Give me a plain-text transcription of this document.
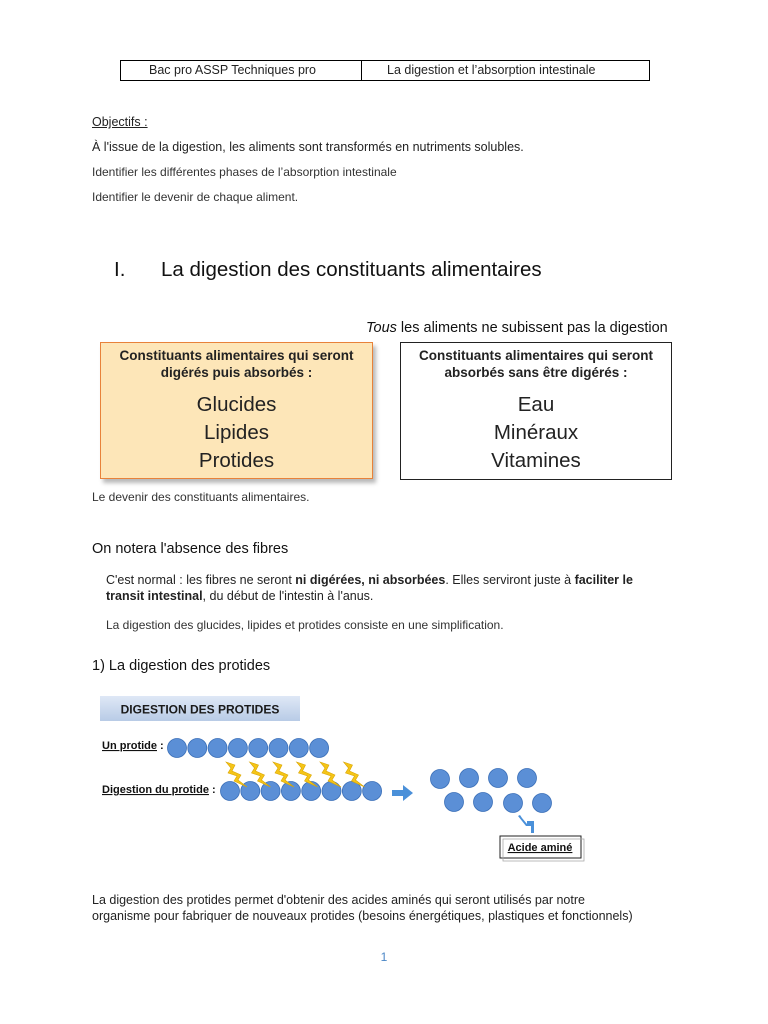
Bac pro ASSP Techniques pro	La digestion et l’absorption intestinale
Objectifs :
À l'issue de la digestion, les aliments sont transformés en nutriments solubles.
Identifier les différentes phases de l’absorption intestinale
Identifier le devenir de chaque aliment.
I. La digestion des constituants alimentaires
Tous les aliments ne subissent pas la digestion
Constituants alimentaires qui seront digérés puis absorbés :
Glucides
Lipides
Protides
Constituants alimentaires qui seront absorbés sans être digérés :
Eau
Minéraux
Vitamines
Le devenir des constituants alimentaires.
On notera l'absence des fibres
C'est normal : les fibres ne seront ni digérées, ni absorbées. Elles serviront juste à faciliter le
transit intestinal, du début de l'intestin à l'anus.
La digestion des glucides, lipides et protides consiste en une simplification.
1) La digestion des protides
DIGESTION DES PROTIDES
Un protide :
Digestion du protide :
Acide aminé
La digestion des protides permet d'obtenir des acides aminés qui seront utilisés par notre
organisme pour fabriquer de nouveaux protides (besoins énergétiques, plastiques et fonctionnels)
1
